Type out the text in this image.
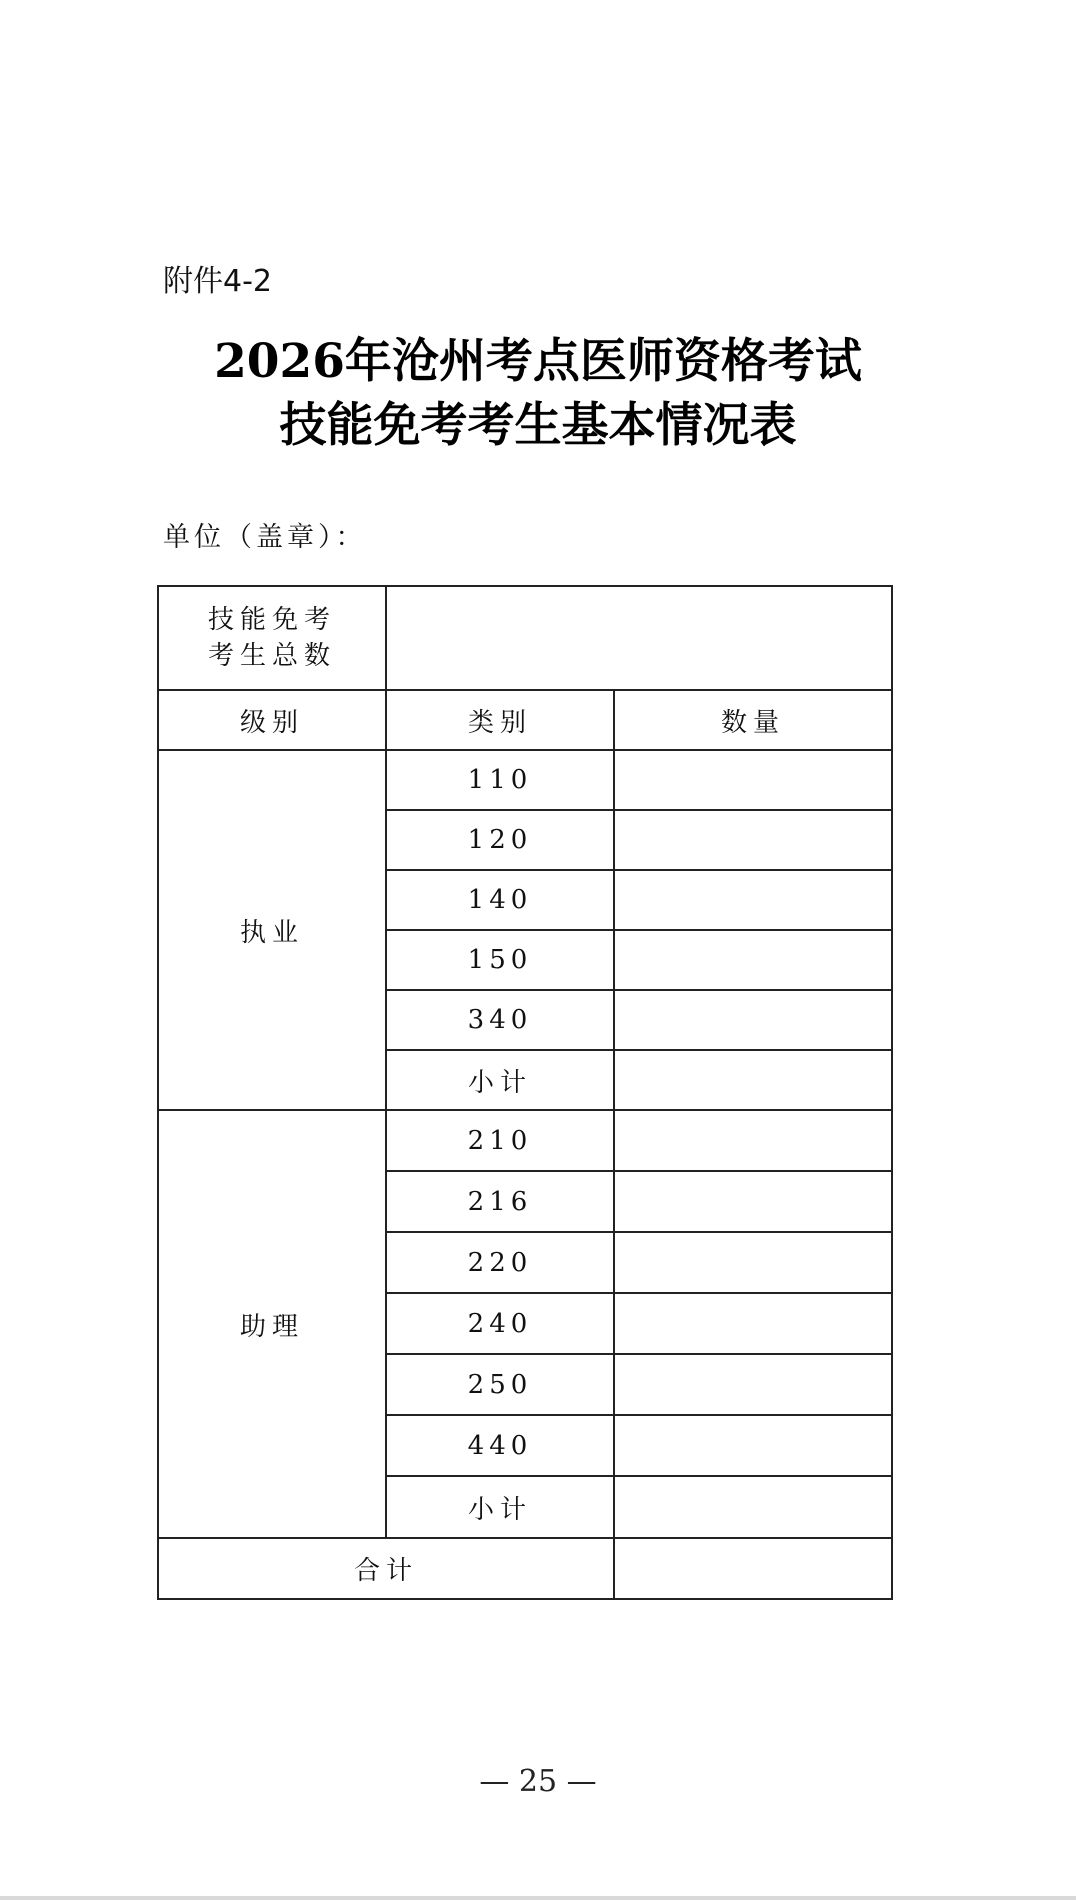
附件4-2
2026年沧州考点医师资格考试
技能免考考生基本情况表
单位（盖章）：
技能免考
考生总数		

级别	类别	数量
执业	110	
	120	
	140	
	150	
	340	
	小计	
助理	210	
	216	
	220	
	240	
	250	
	440	
	小计	
合计		
— 25 —
